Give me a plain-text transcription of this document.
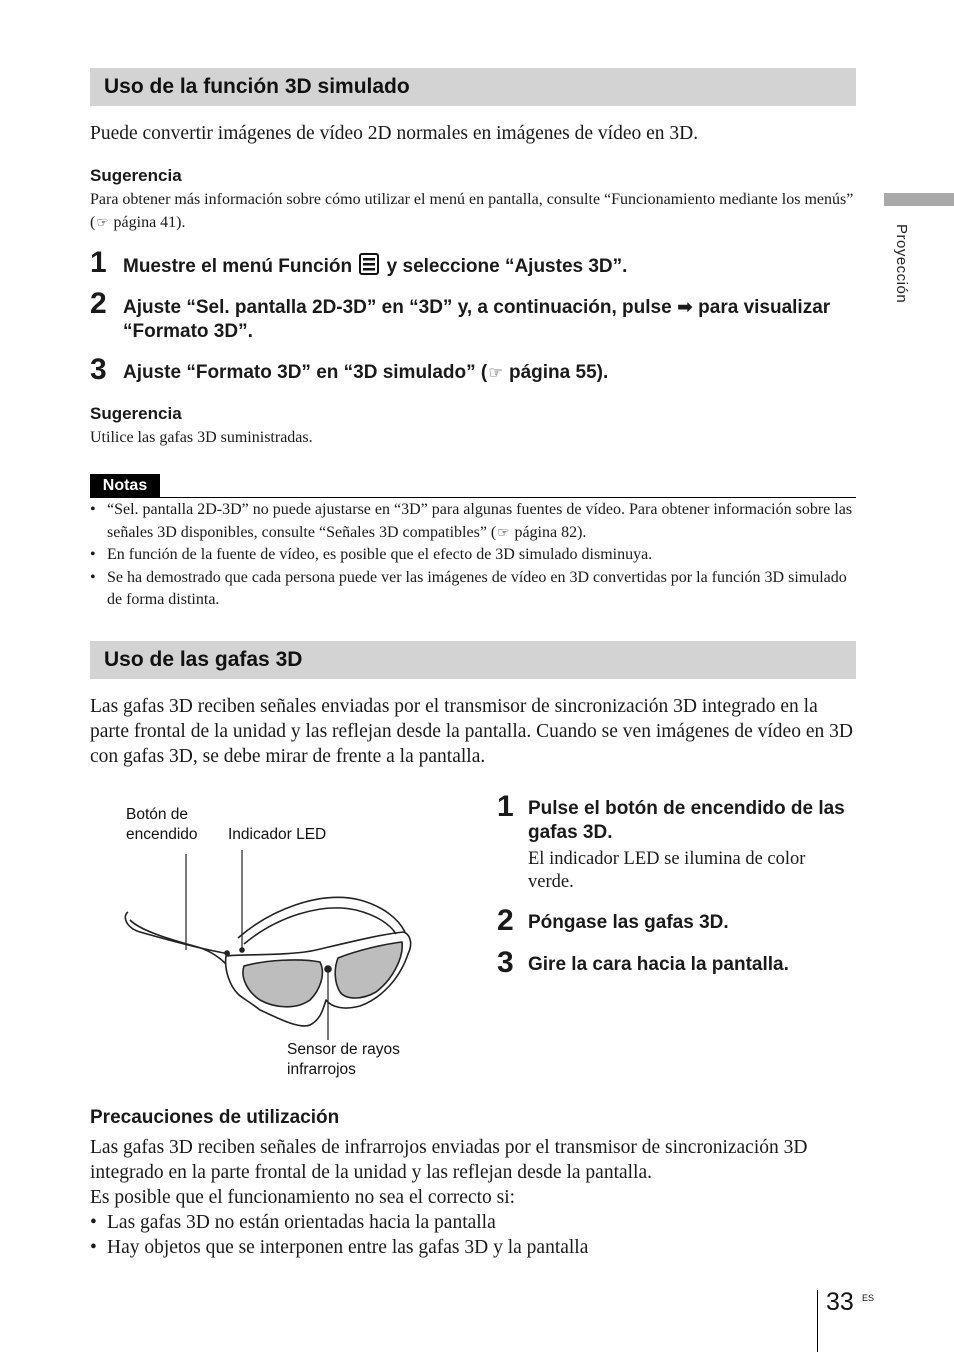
Uso de la función 3D simulado
Puede convertir imágenes de vídeo 2D normales en imágenes de vídeo en 3D.
Sugerencia
Para obtener más información sobre cómo utilizar el menú en pantalla, consulte “Funcionamiento mediante los menús” (☞ página 41).
1 Muestre el menú Función  y seleccione “Ajustes 3D”.
2 Ajuste “Sel. pantalla 2D-3D” en “3D” y, a continuación, pulse ➡ para visualizar “Formato 3D”.
3 Ajuste “Formato 3D” en “3D simulado” (☞ página 55).
Sugerencia
Utilice las gafas 3D suministradas.
Notas
• “Sel. pantalla 2D-3D” no puede ajustarse en “3D” para algunas fuentes de vídeo. Para obtener información sobre las señales 3D disponibles, consulte “Señales 3D compatibles” (☞ página 82).
• En función de la fuente de vídeo, es posible que el efecto de 3D simulado disminuya.
• Se ha demostrado que cada persona puede ver las imágenes de vídeo en 3D convertidas por la función 3D simulado de forma distinta.
Uso de las gafas 3D
Las gafas 3D reciben señales enviadas por el transmisor de sincronización 3D integrado en la parte frontal de la unidad y las reflejan desde la pantalla. Cuando se ven imágenes de vídeo en 3D con gafas 3D, se debe mirar de frente a la pantalla.
Botón de encendido	Indicador LED
Sensor de rayos infrarrojos
1 Pulse el botón de encendido de las gafas 3D.
El indicador LED se ilumina de color verde.
2 Póngase las gafas 3D.
3 Gire la cara hacia la pantalla.
Precauciones de utilización
Las gafas 3D reciben señales de infrarrojos enviadas por el transmisor de sincronización 3D integrado en la parte frontal de la unidad y las reflejan desde la pantalla.
Es posible que el funcionamiento no sea el correcto si:
• Las gafas 3D no están orientadas hacia la pantalla
• Hay objetos que se interponen entre las gafas 3D y la pantalla
Proyección
33 ES
